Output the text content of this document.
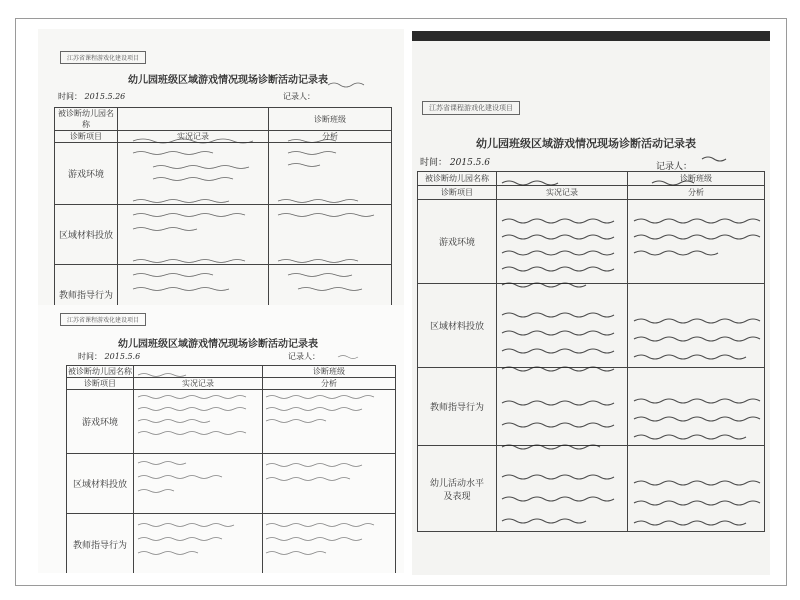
江苏省课程游戏化建设项目
幼儿园班级区域游戏情况现场诊断活动记录表
时间： 2015.5.26	记录人：
被诊断幼儿园名称		诊断班级
诊断项目	实况记录	分析
游戏环境		
区域材料投放		
教师指导行为		
江苏省课程游戏化建设项目
幼儿园班级区域游戏情况现场诊断活动记录表
时间： 2015.5.6	记录人：
被诊断幼儿园名称		诊断班级
诊断项目	实况记录	分析
游戏环境		
区域材料投放		
教师指导行为		
幼儿活动水平
及表现		
江苏省课程游戏化建设项目
幼儿园班级区域游戏情况现场诊断活动记录表
时间： 2015.5.6	记录人：
被诊断幼儿园名称		诊断班级
诊断项目	实况记录	分析
游戏环境		
区域材料投放		
教师指导行为		
